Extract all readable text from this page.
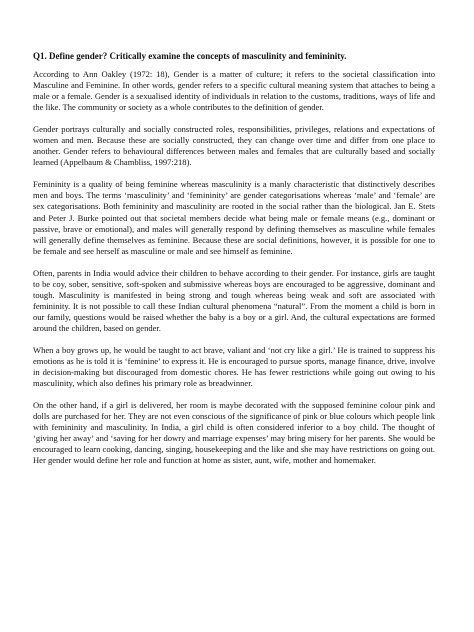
Q1. Define gender? Critically examine the concepts of masculinity and femininity.

According to Ann Oakley (1972: 18), Gender is a matter of culture; it refers to the societal classification into Masculine and Feminine. In other words, gender refers to a specific cultural meaning system that attaches to being a male or a female. Gender is a sexualised identity of individuals in relation to the customs, traditions, ways of life and the like. The community or society as a whole contributes to the definition of gender.

Gender portrays culturally and socially constructed roles, responsibilities, privileges, relations and expectations of women and men. Because these are socially constructed, they can change over time and differ from one place to another. Gender refers to behavioural differences between males and females that are culturally based and socially learned (Appelbaum & Chambliss, 1997:218).

Femininity is a quality of being feminine whereas masculinity is a manly characteristic that distinctively describes men and boys. The terms ‘masculinity’ and ‘femininity’ are gender categorisations whereas ‘male’ and ‘female’ are sex categorisations. Both femininity and masculinity are rooted in the social rather than the biological. Jan E. Stets and Peter J. Burke pointed out that societal members decide what being male or female means (e.g., dominant or passive, brave or emotional), and males will generally respond by defining themselves as masculine while females will generally define themselves as feminine. Because these are social definitions, however, it is possible for one to be female and see herself as masculine or male and see himself as feminine.

Often, parents in India would advice their children to behave according to their gender. For instance, girls are taught to be coy, sober, sensitive, soft-spoken and submissive whereas boys are encouraged to be aggressive, dominant and tough. Masculinity is manifested in being strong and tough whereas being weak and soft are associated with femininity. It is not possible to call these Indian cultural phenomena “natural”. From the moment a child is born in our family, questions would be raised whether the baby is a boy or a girl. And, the cultural expectations are formed around the children, based on gender.

When a boy grows up, he would be taught to act brave, valiant and ‘not cry like a girl.’ He is trained to suppress his emotions as he is told it is ‘feminine’ to express it. He is encouraged to pursue sports, manage finance, drive, involve in decision-making but discouraged from domestic chores. He has fewer restrictions while going out owing to his masculinity, which also defines his primary role as breadwinner.

On the other hand, if a girl is delivered, her room is maybe decorated with the supposed feminine colour pink and dolls are purchased for her. They are not even conscious of the significance of pink or blue colours which people link with femininity and masculinity. In India, a girl child is often considered inferior to a boy child. The thought of ‘giving her away’ and ‘saving for her dowry and marriage expenses’ may bring misery for her parents. She would be encouraged to learn cooking, dancing, singing, housekeeping and the like and she may have restrictions on going out. Her gender would define her role and function at home as sister, aunt, wife, mother and homemaker.
